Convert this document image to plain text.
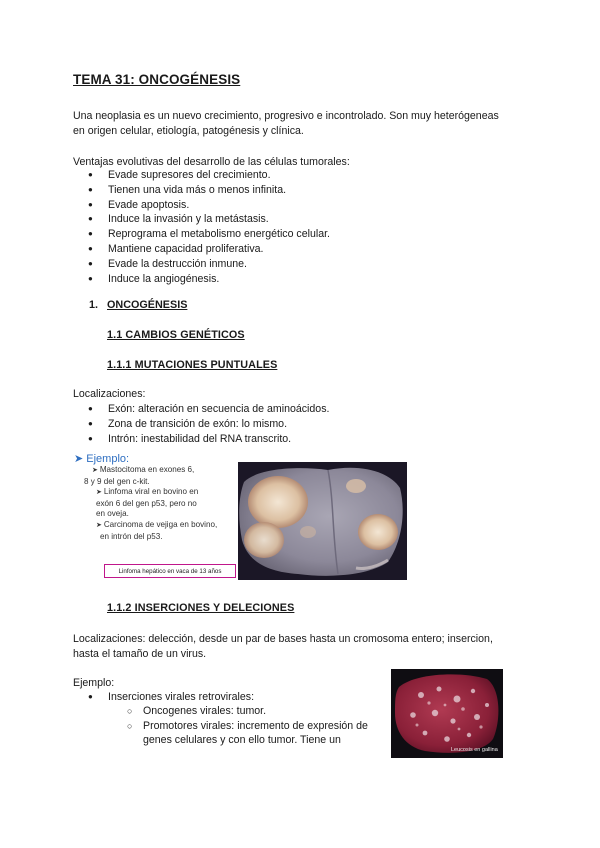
TEMA 31: ONCOGÉNESIS
Una neoplasia es un nuevo crecimiento, progresivo e incontrolado. Son muy heterógeneas
en origen celular, etiología, patogénesis y clínica.
Ventajas evolutivas del desarrollo de las células tumorales:
● Evade supresores del crecimiento.
● Tienen una vida más o menos infinita.
● Evade apoptosis.
● Induce la invasión y la metástasis.
● Reprograma el metabolismo energético celular.
● Mantiene capacidad proliferativa.
● Evade la destrucción inmune.
● Induce la angiogénesis.
1. ONCOGÉNESIS
1.1 CAMBIOS GENÉTICOS
1.1.1 MUTACIONES PUNTUALES
Localizaciones:
● Exón: alteración en secuencia de aminoácidos.
● Zona de transición de exón: lo mismo.
● Intrón: inestabilidad del RNA transcrito.
➤ Ejemplo:
➤ Mastocitoma en exones 6,
8 y 9 del gen c-kit.
➤ Linfoma viral en bovino en
exón 6 del gen p53, pero no
en oveja.
➤ Carcinoma de vejiga en bovino,
en intrón del p53.
Linfoma hepático en vaca de 13 años
1.1.2 INSERCIONES Y DELECIONES
Localizaciones: delección, desde un par de bases hasta un cromosoma entero; insercion,
hasta el tamaño de un virus.
Ejemplo:
● Inserciones virales retrovirales:
○ Oncogenes virales: tumor.
○ Promotores virales: incremento de expresión de
genes celulares y con ello tumor. Tiene un
Leucosis en gallina
